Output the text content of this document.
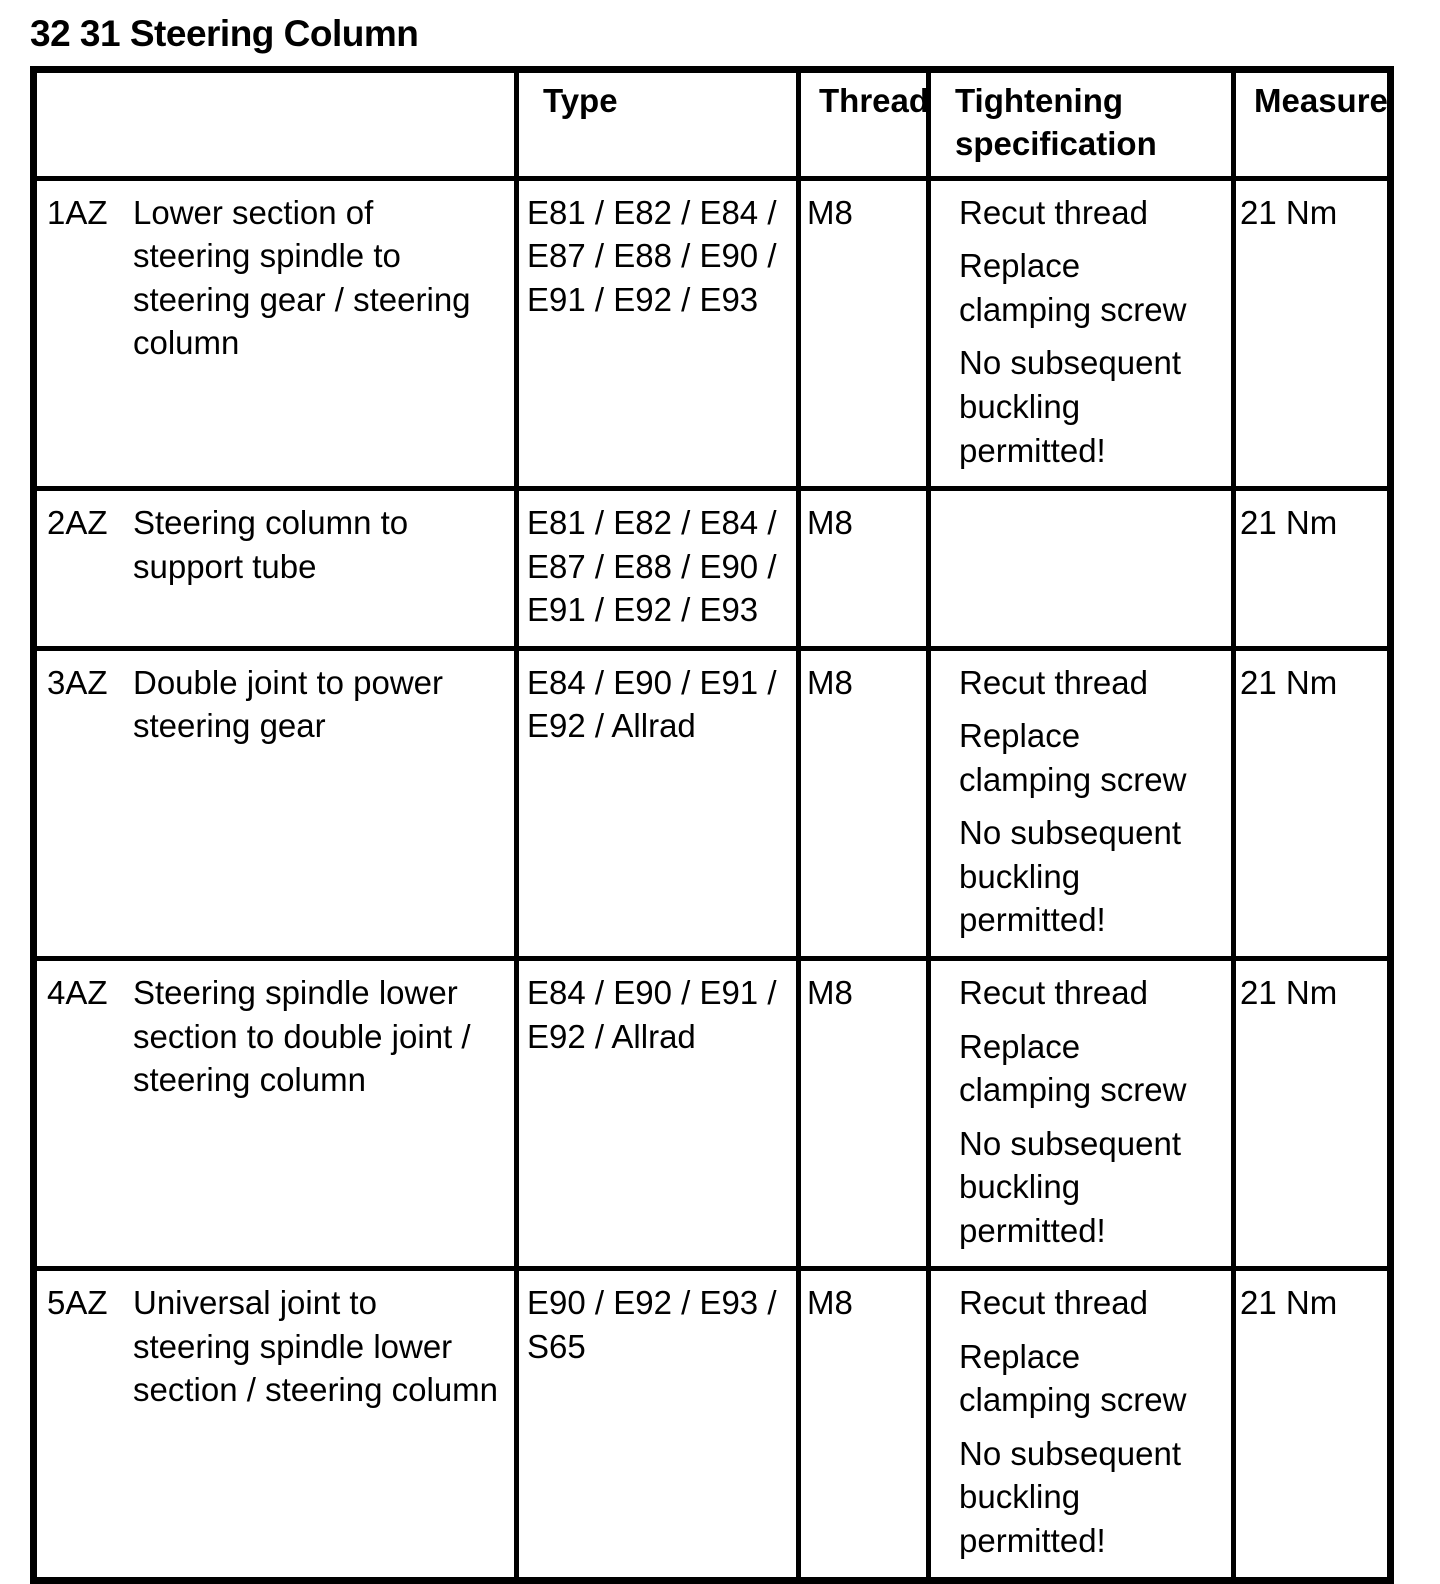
32 31 Steering Column
	Type	Thread	Tightening specification	Measure
1AZ Lower section of steering spindle to steering gear / steering column	E81 / E82 / E84 / E87 / E88 / E90 / E91 / E92 / E93	M8	Recut thread

Replace clamping screw

No subsequent buckling permitted!	21 Nm
2AZ Steering column to support tube	E81 / E82 / E84 / E87 / E88 / E90 / E91 / E92 / E93	M8		21 Nm
3AZ Double joint to power steering gear	E84 / E90 / E91 / E92 / Allrad	M8	Recut thread

Replace clamping screw

No subsequent buckling permitted!	21 Nm
4AZ Steering spindle lower section to double joint / steering column	E84 / E90 / E91 / E92 / Allrad	M8	Recut thread

Replace clamping screw

No subsequent buckling permitted!	21 Nm
5AZ Universal joint to steering spindle lower section / steering column	E90 / E92 / E93 / S65	M8	Recut thread

Replace clamping screw

No subsequent buckling permitted!	21 Nm
